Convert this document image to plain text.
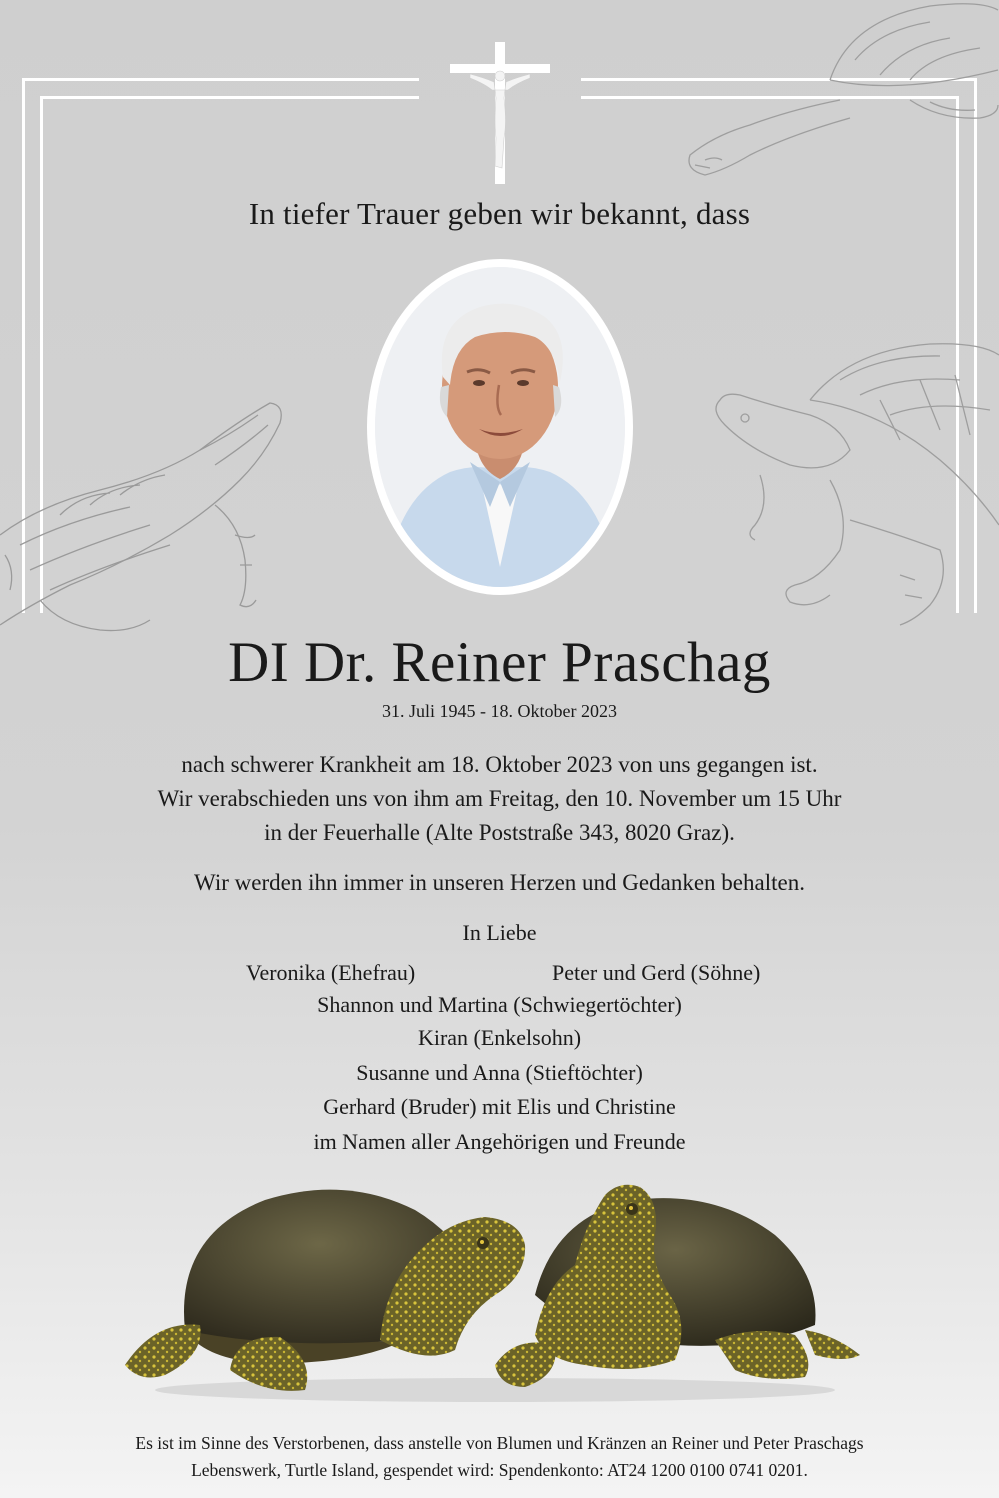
In tiefer Trauer geben wir bekannt, dass
DI Dr. Reiner Praschag
31. Juli 1945 - 18. Oktober 2023
nach schwerer Krankheit am 18. Oktober 2023 von uns gegangen ist.
Wir verabschieden uns von ihm am Freitag, den 10. November um 15 Uhr
in der Feuerhalle (Alte Poststraße 343, 8020 Graz).
Wir werden ihn immer in unseren Herzen und Gedanken behalten.
In Liebe
Veronika (Ehefrau)	Peter und Gerd (Söhne)
Shannon und Martina (Schwiegertöchter)
Kiran (Enkelsohn)
Susanne und Anna (Stieftöchter)
Gerhard (Bruder) mit Elis und Christine
im Namen aller Angehörigen und Freunde
Es ist im Sinne des Verstorbenen, dass anstelle von Blumen und Kränzen an Reiner und Peter Praschags
Lebenswerk, Turtle Island, gespendet wird: Spendenkonto: AT24 1200 0100 0741 0201.
